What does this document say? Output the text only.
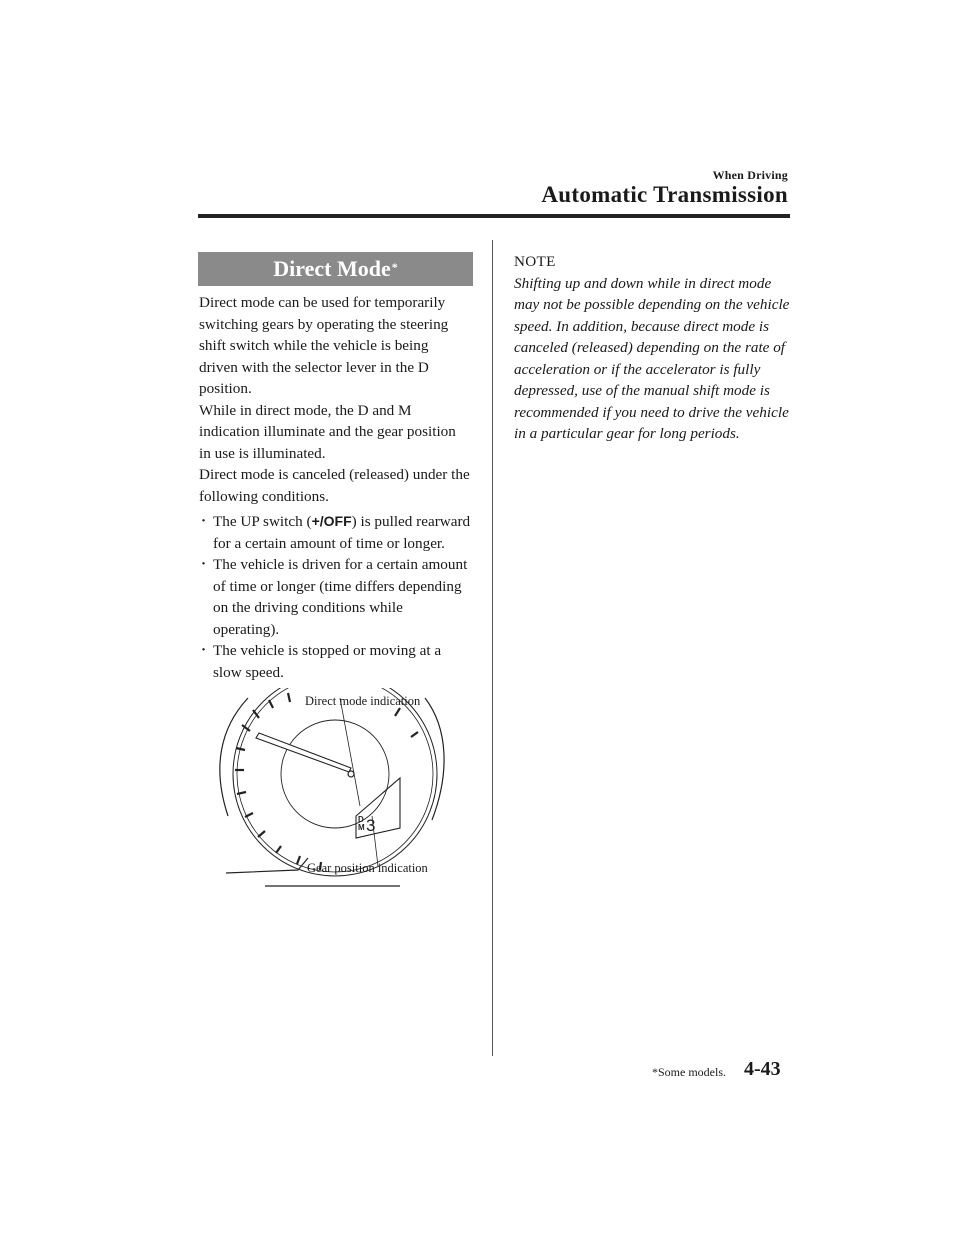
When Driving
Automatic Transmission
Direct Mode*

Direct mode can be used for temporarily switching gears by operating the steering shift switch while the vehicle is being driven with the selector lever in the D position.

While in direct mode, the D and M indication illuminate and the gear position in use is illuminated.

Direct mode is canceled (released) under the following conditions.

· The UP switch (+/OFF) is pulled rearward for a certain amount of time or longer.
· The vehicle is driven for a certain amount of time or longer (time differs depending on the driving conditions while operating).
· The vehicle is stopped or moving at a slow speed.
D
M 3
Direct mode indication
Gear position indication
NOTE

Shifting up and down while in direct mode may not be possible depending on the vehicle speed. In addition, because direct mode is canceled (released) depending on the rate of acceleration or if the accelerator is fully depressed, use of the manual shift mode is recommended if you need to drive the vehicle in a particular gear for long periods.

*Some models. 4-43
